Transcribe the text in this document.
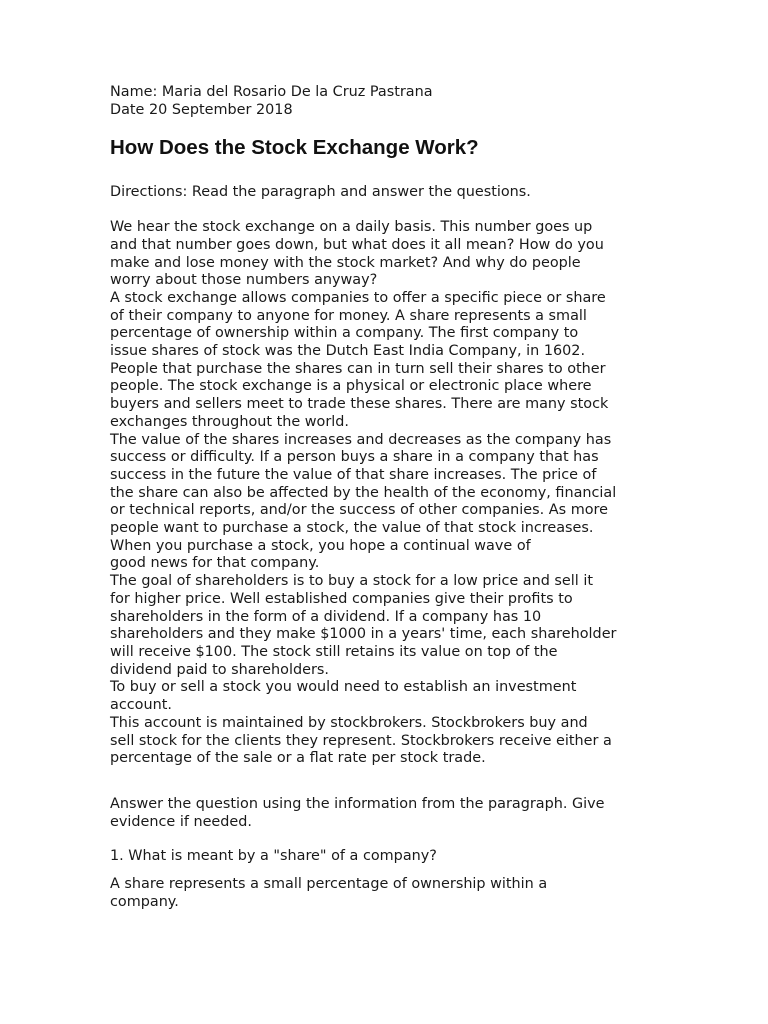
Name: Maria del Rosario De la Cruz Pastrana
Date 20 September 2018
How Does the Stock Exchange Work?
Directions: Read the paragraph and answer the questions.
We hear the stock exchange on a daily basis. This number goes up
and that number goes down, but what does it all mean? How do you
make and lose money with the stock market? And why do people
worry about those numbers anyway?
A stock exchange allows companies to offer a specific piece or share
of their company to anyone for money. A share represents a small
percentage of ownership within a company. The first company to
issue shares of stock was the Dutch East India Company, in 1602.
People that purchase the shares can in turn sell their shares to other
people. The stock exchange is a physical or electronic place where
buyers and sellers meet to trade these shares. There are many stock
exchanges throughout the world.
The value of the shares increases and decreases as the company has
success or difficulty. If a person buys a share in a company that has
success in the future the value of that share increases. The price of
the share can also be affected by the health of the economy, financial
or technical reports, and/or the success of other companies. As more
people want to purchase a stock, the value of that stock increases.
When you purchase a stock, you hope a continual wave of
good news for that company.
The goal of shareholders is to buy a stock for a low price and sell it
for higher price. Well established companies give their profits to
shareholders in the form of a dividend. If a company has 10
shareholders and they make $1000 in a years' time, each shareholder
will receive $100. The stock still retains its value on top of the
dividend paid to shareholders.
To buy or sell a stock you would need to establish an investment
account.
This account is maintained by stockbrokers. Stockbrokers buy and
sell stock for the clients they represent. Stockbrokers receive either a
percentage of the sale or a flat rate per stock trade.
Answer the question using the information from the paragraph. Give
evidence if needed.
1. What is meant by a "share" of a company?
A share represents a small percentage of ownership within a
company.
